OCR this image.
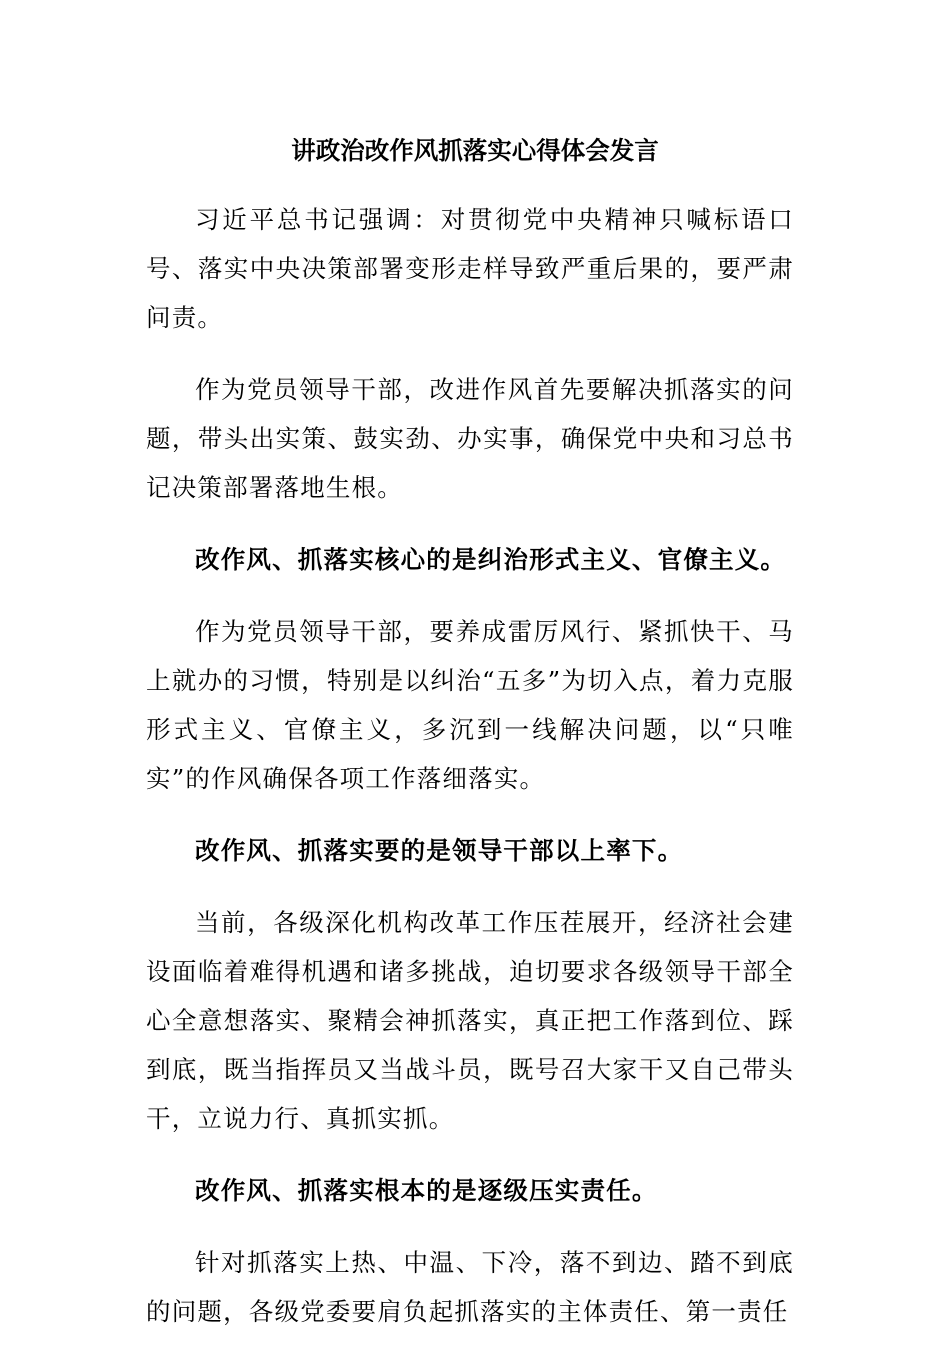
讲政治改作风抓落实心得体会发言

习近平总书记强调：对贯彻党中央精神只喊标语口号、落实中央决策部署变形走样导致严重后果的，要严肃问责。

作为党员领导干部，改进作风首先要解决抓落实的问题，带头出实策、鼓实劲、办实事，确保党中央和习总书记决策部署落地生根。

改作风、抓落实核心的是纠治形式主义、官僚主义。

作为党员领导干部，要养成雷厉风行、紧抓快干、马上就办的习惯，特别是以纠治“五多”为切入点，着力克服形式主义、官僚主义，多沉到一线解决问题，以“只唯实”的作风确保各项工作落细落实。

改作风、抓落实要的是领导干部以上率下。

当前，各级深化机构改革工作压茬展开，经济社会建设面临着难得机遇和诸多挑战，迫切要求各级领导干部全心全意想落实、聚精会神抓落实，真正把工作落到位、踩到底，既当指挥员又当战斗员，既号召大家干又自己带头干，立说力行、真抓实抓。

改作风、抓落实根本的是逐级压实责任。

针对抓落实上热、中温、下冷，落不到边、踏不到底的问题，各级党委要肩负起抓落实的主体责任、第一责任
